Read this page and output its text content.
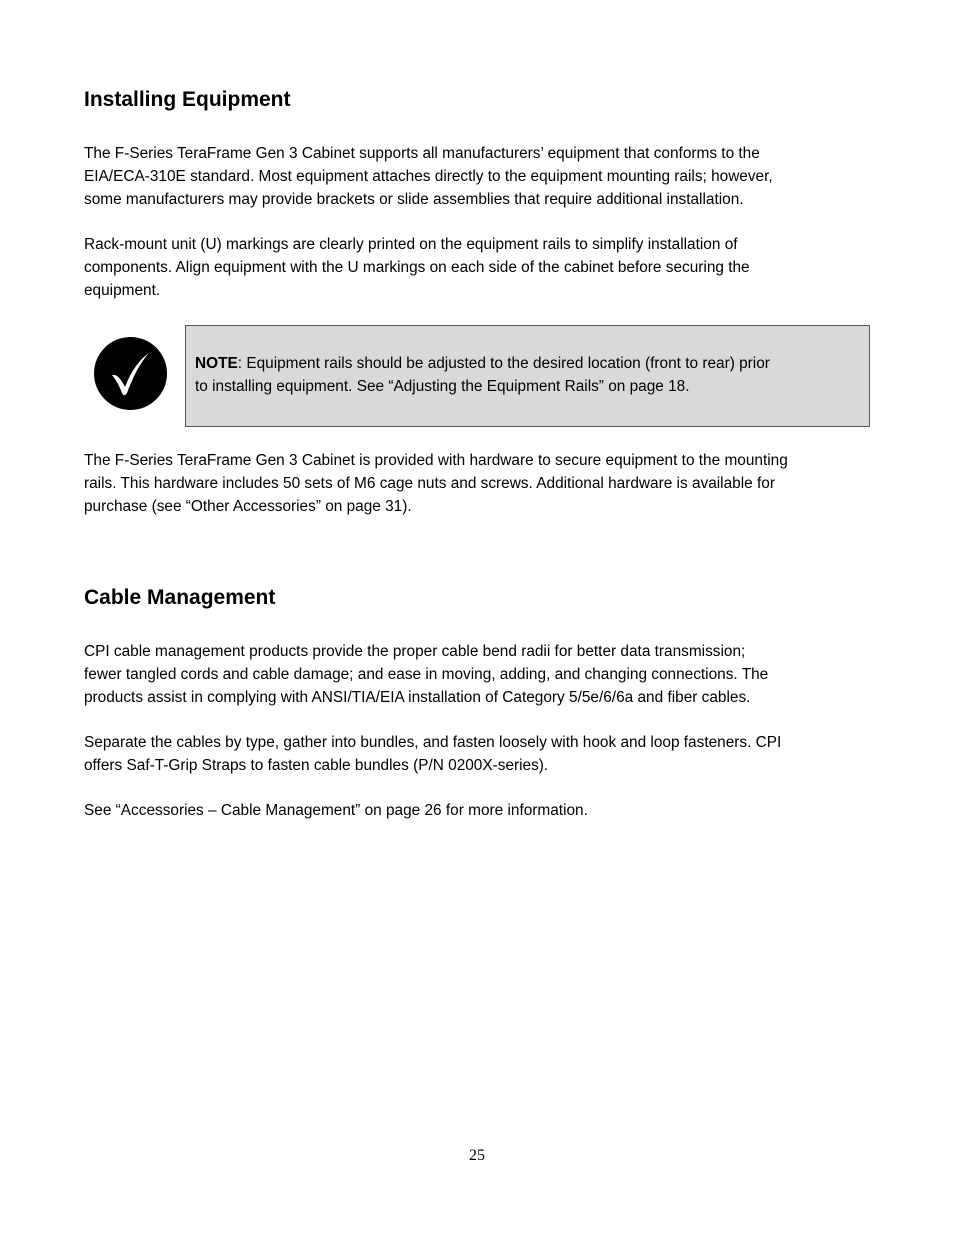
Installing Equipment

The F-Series TeraFrame Gen 3 Cabinet supports all manufacturers’ equipment that conforms to the
EIA/ECA-310E standard. Most equipment attaches directly to the equipment mounting rails; however,
some manufacturers may provide brackets or slide assemblies that require additional installation.

Rack-mount unit (U) markings are clearly printed on the equipment rails to simplify installation of
components. Align equipment with the U markings on each side of the cabinet before securing the
equipment.

NOTE: Equipment rails should be adjusted to the desired location (front to rear) prior
to installing equipment. See “Adjusting the Equipment Rails” on page 18.

The F-Series TeraFrame Gen 3 Cabinet is provided with hardware to secure equipment to the mounting
rails. This hardware includes 50 sets of M6 cage nuts and screws. Additional hardware is available for
purchase (see “Other Accessories” on page 31).

Cable Management

CPI cable management products provide the proper cable bend radii for better data transmission;
fewer tangled cords and cable damage; and ease in moving, adding, and changing connections. The
products assist in complying with ANSI/TIA/EIA installation of Category 5/5e/6/6a and fiber cables.

Separate the cables by type, gather into bundles, and fasten loosely with hook and loop fasteners. CPI
offers Saf-T-Grip Straps to fasten cable bundles (P/N 0200X-series).

See “Accessories – Cable Management” on page 26 for more information.

25
